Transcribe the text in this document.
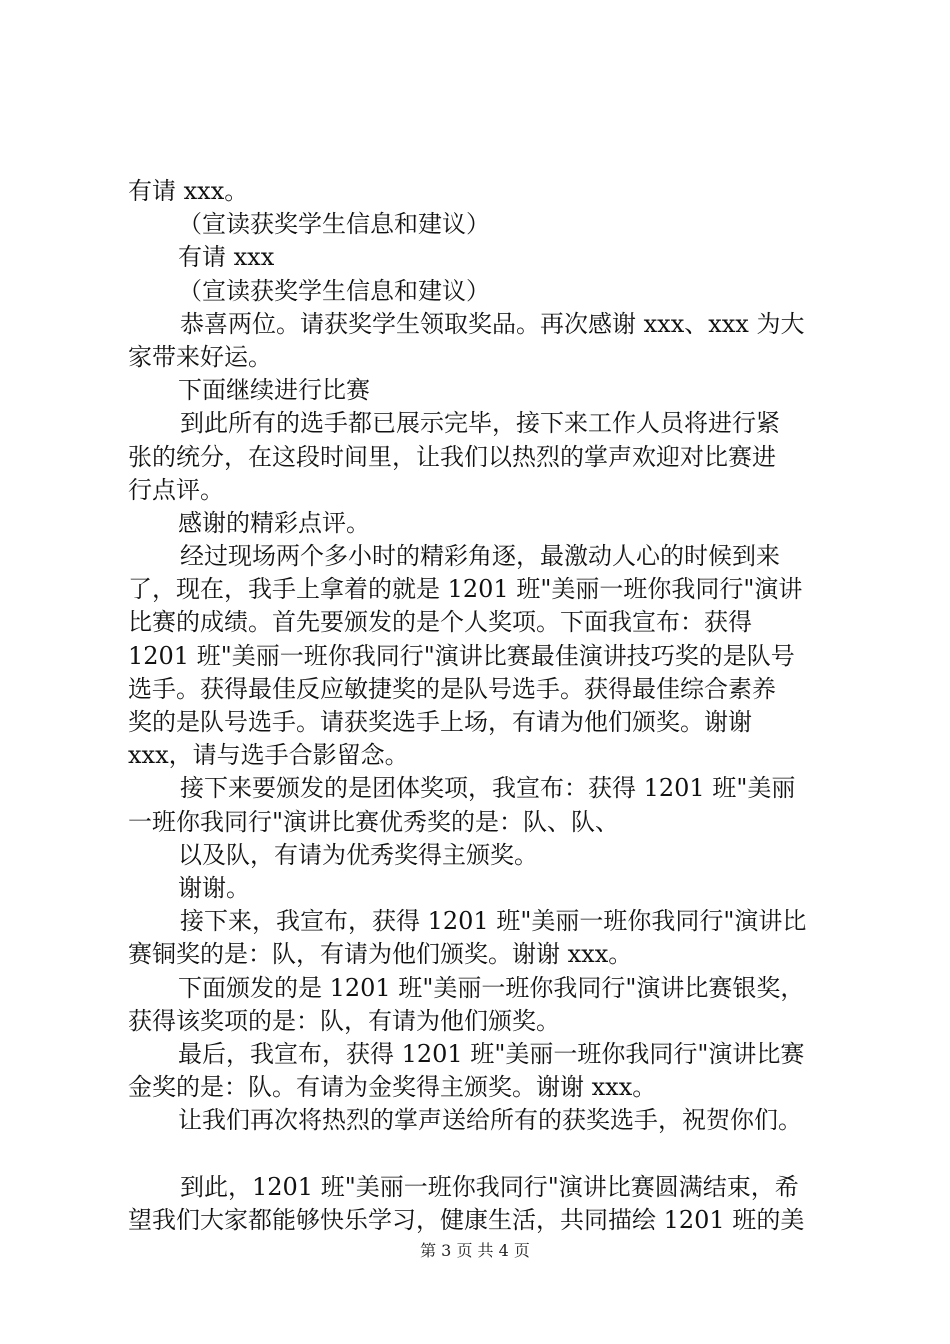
有请 xxx。
（宣读获奖学生信息和建议）
有请 xxx
（宣读获奖学生信息和建议）
恭喜两位。请获奖学生领取奖品。再次感谢 xxx、xxx 为大
家带来好运。
下面继续进行比赛
到此所有的选手都已展示完毕，接下来工作人员将进行紧
张的统分，在这段时间里，让我们以热烈的掌声欢迎对比赛进
行点评。
感谢的精彩点评。
经过现场两个多小时的精彩角逐，最激动人心的时候到来
了，现在，我手上拿着的就是 1201 班"美丽一班你我同行"演讲
比赛的成绩。首先要颁发的是个人奖项。下面我宣布：获得
1201 班"美丽一班你我同行"演讲比赛最佳演讲技巧奖的是队号
选手。获得最佳反应敏捷奖的是队号选手。获得最佳综合素养
奖的是队号选手。请获奖选手上场，有请为他们颁奖。谢谢
xxx，请与选手合影留念。
接下来要颁发的是团体奖项，我宣布：获得 1201 班"美丽
一班你我同行"演讲比赛优秀奖的是：队、队、
以及队，有请为优秀奖得主颁奖。
谢谢。
接下来，我宣布，获得 1201 班"美丽一班你我同行"演讲比
赛铜奖的是：队，有请为他们颁奖。谢谢 xxx。
下面颁发的是 1201 班"美丽一班你我同行"演讲比赛银奖，
获得该奖项的是：队，有请为他们颁奖。
最后，我宣布，获得 1201 班"美丽一班你我同行"演讲比赛
金奖的是：队。有请为金奖得主颁奖。谢谢 xxx。
让我们再次将热烈的掌声送给所有的获奖选手，祝贺你们。
到此，1201 班"美丽一班你我同行"演讲比赛圆满结束，希
望我们大家都能够快乐学习，健康生活，共同描绘 1201 班的美
第 3 页 共 4 页
